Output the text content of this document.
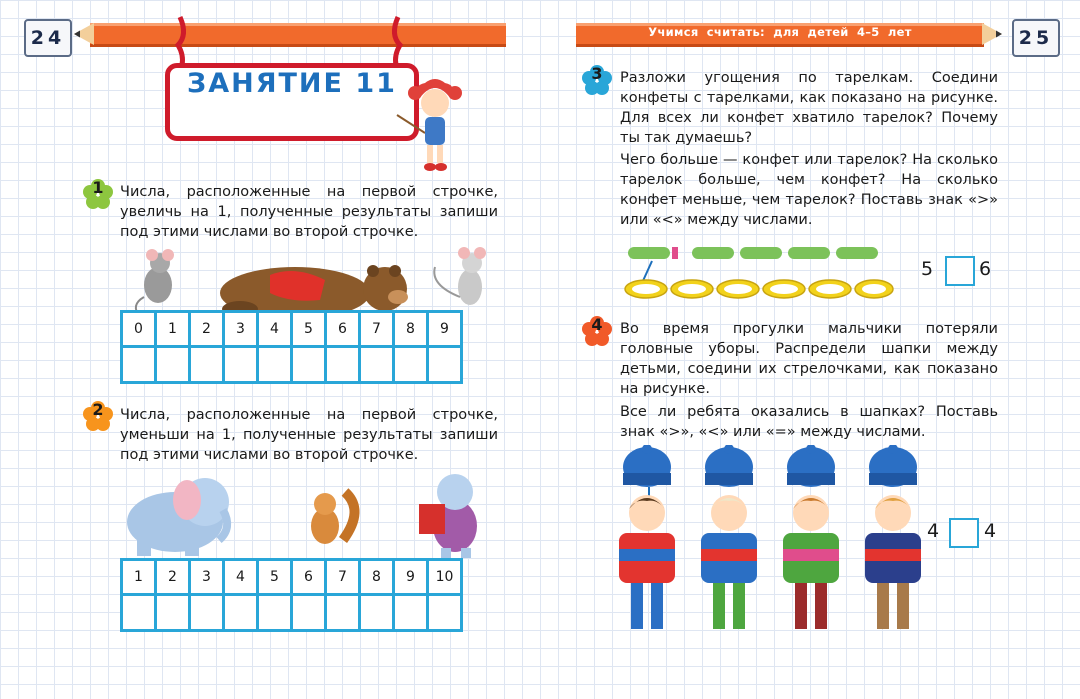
24	Учимся считать: для детей 4–5 лет	25
ЗАНЯТИЕ 11
1	Числа, расположенные на первой строчке, увеличь на 1, полученные результаты запиши под этими числами во второй строчке.
0	1	2	3	4	5	6	7	8	9

2	Числа, расположенные на первой строчке, уменьши на 1, полученные результаты запиши под этими числами во второй строчке.
1	2	3	4	5	6	7	8	9	10

3	Разложи угощения по тарелкам. Соедини конфеты с тарелками, как показано на рисунке. Для всех ли конфет хватило тарелок? Почему ты так думаешь?
Чего больше — конфет или тарелок? На сколько тарелок больше, чем конфет? На сколько конфет меньше, чем тарелок? Поставь знак «>» или «<» между числами.
5 6
4	Во время прогулки мальчики потеряли головные уборы. Распредели шапки между детьми, соедини их стрелочками, как показано на рисунке.
Все ли ребята оказались в шапках? Поставь знак «>», «<» или «=» между числами.
4 4
